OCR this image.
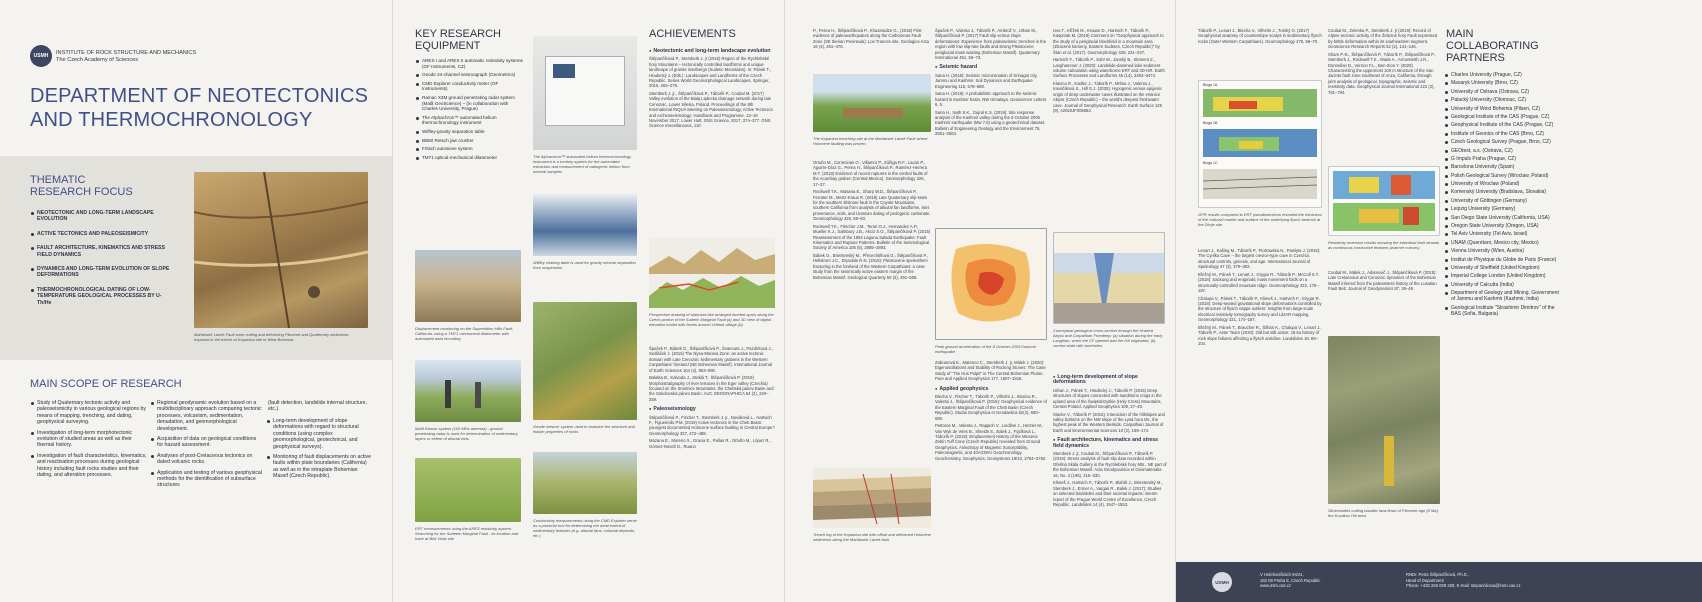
USMH INSTITUTE OF ROCK STRUCTURE AND MECHANICS
The Czech Academy of Sciences
DEPARTMENT OF NEOTECTONICS
AND THERMOCHRONOLOGY
THEMATIC
RESEARCH FOCUS
NEOTECTONIC AND LONG-TERM LANDSCAPE EVOLUTION
ACTIVE TECTONICS AND PALEOSEISMICITY
FAULT ARCHITECTURE, KINEMATICS AND STRESS FIELD DYNAMICS
DYNAMICS AND LONG-TERM EVOLUTION OF SLOPE DEFORMATIONS
THERMOCHRONOLOGICAL DATING OF LOW-TEMPERATURE GEOLOGICAL PROCESSES BY U-Th/He
Mariánské Lázně Fault zone cutting and deforming Pliocene and Quaternary sediments exposed in the trench at Kopanina site in West Bohemia
MAIN SCOPE OF RESEARCH
Study of Quaternary tectonic activity and paleoseismicity in various geological regions by means of mapping, trenching, and dating, geophysical surveying.
Investigation of long-term morphotectonic evolution of studied areas as well as their thermal history.
Investigation of fault characteristics, kinematics, and reactivation processes during geological history including fault rocks studies and their dating, and alteration processes.
Regional geodynamic evolution based on a multidisciplinary approach comparing tectonic processes, volcanism, sedimentation, denudation, and geomorphological development.
Acquisition of data on geological conditions for hazard assessment.
Analyses of post-Cretaceous tectonics on dated volcanic rocks.
Application and testing of various geophysical methods for the identification of subsurface structures
(fault detection, landslide internal structure, etc.).
Long-term development of slope deformations with regard to structural conditions (using complex geomorphological, geotechnical, and geophysical surveys).
Monitoring of fault displacements on active faults within plate boundaries (California) as well as in the intraplate Bohemian Massif (Czech Republic).
KEY RESEARCH
EQUIPMENT
ARES I and ARES II automatic resistivity systems (GF Instruments, CZ)
Geode 24-channel seismograph (Geometrics)
CMD Explorer conductivity meter (GF Instruments)
Ramac X3M ground penetrating radar system (Malå GeoScience) – (in collaboration with Charles University, Prague)
The Alphachron™ automated helium thermochronology instrument
Wilfley-gravity separation table
BB50 Retsch jaw crusher
Fritsch autosieve system
TM71 optical-mechanical dilatometer
Displacement monitoring on the Superstition Hills Fault, California, using a TM71 mechanical dilatometer with automated data recording
Malå Ramac system (100 MHz antenna) - ground penetrating radar is used for determination of sedimentary layers or extent of alluvial fans
ERT measurements using the ARES resistivity system. Searching for the Sudeten Marginal Fault - its location and trace at Bílá Voda site
The Alphachron™ automated helium thermochronology instrument is a turnkey system for the automated extraction and measurement of radiogenic helium from mineral samples
Wilfley shaking table is used for gravity mineral separation from suspension
Geode seismic system used to examine the structure and elastic properties of rocks
Conductivity measurements using the CMD Explorer serve as a powerful tool for determining the areal extent of sedimentary features (e.g. alluvial fans, colluvial deposits, etc.)
ACHIEVEMENTS
● Neotectonic and long-term landscape evolution

Štěpančíková P., Stemberk J. jr (2016) Region of the Rychlebské hory Mountains – tectonically controlled landforms and unique landscape of granite inselbergs (Sudetic Mountains). In: Pánek T., Hradecký J. (Eds.): Landscapes and Landforms of the Czech Republic. Series World Geomorphological Landscapes. Springer, 2016, 263–276.

Stemberk J. jr., Štěpančíková P., Táborík P., Coubal M. (2017) Valley evolution of the Białą Lądecka drainage network during late Cenozoic, Lower Silesia, Poland. Proceedings of the 8th International INQUA Meeting on Paleoseismology, Active Tectonics and Archeoseismology: Handbook and Programme. 13–16 November 2017. Lower Hutt: GNS Science, 2017, 374–377. GNS Science miscellaneous, 110.

Perspective drawing of staircase-like arranged faceted spurs along the Czech portion of the Sudetic Marginal Fault (a) and 3D view of digital elevation model with facets around Uhelná village (b)

Špaček P., Bábek O., Štěpančíková P., Švancara J., Pazdírková J., Sedláček J. (2015) The Nysa-Morava Zone: an active tectonic domain with Late Cenozoic sedimentary grabens in the Western Carpathians' foreland (NE Bohemian Massif). International Journal of Earth Sciences 104 (4), 963–990.

Balatka B., Kalvoda J., Steklá T., Štěpančíková P. (2019) Morphostratigraphy of river terraces in the Eger valley (Czechia) focused on the Smolnice Mountains, the Chebská pánev Basin and the Sokolovská pánev Basin. AUC GEOGRAPHICA 54 (2), 240–259.

● Paleoseismology

Štěpančíková P., Fischer T., Stemberk J. jr., Nováková L., Hartvich F., Figueiredo P.M. (2019) Active tectonics in the Cheb Basin: youngest documented Holocene surface faulting in Central Europe? Geomorphology 327, 472–488.

Mazana E., Moreno X., Gracia E., Pallas R., Ortuño M., López R., Gómez-Novell O., Ruano

P., Perea H., Štěpančíková P., Khazaradze G., (2018) First evidence of paleoearthquakes along the Carboneras Fault Zone (SE Iberian Peninsula): Los Trances site. Geologica Acta 16 (4), 461–476.

The Kopanina trenching site at the Mariánské Lázně Fault where Holocene faulting was proven.

Ortuño M., Corominas O., Villamor P., Zúñiga R.F., Lacan P., Aguirre-Díaz G., Perea H., Štěpančíková P., Ramírez-Herrera M.T. (2019) Evidence of recent ruptures in the central faults of the Acambay graben (Central Mexico). Geomorphology 326, 17–37.

Rockwell T.K., Masana E., Sharp W.D., Štěpančíková P., Ferrater M., Mertz-Kraus R. (2019) Late Quaternary slip-rates for the southern Elsinore fault in the Coyote Mountains, southern California from analysis of alluvial fan landforms, islet provenance, soils, and Uranium dating of pedogenic carbonate. Geomorphology 326, 68–93.

Rockwell T.K., Fletcher J.M., Teran O.J., Hernandez A.P., Mueller K.J., Salisbury J.B., Akciz S.O., Štěpančíková P. (2015) Reassessment of the 1892 Laguna Salada Earthquake: Fault Kinematics and Rupture Patterns. Bulletin of the Seismological Society of America 105 (6), 2885–2893.

Bábek O., Briestenský M., Přecechtělová G., Štěpančíková P., Hellstrom J.C., Drysdale R.N. (2015): Pleistocene speleothem fracturing in the foreland of the Western Carpathians: a case study from the seismically active eastern margin of the Bohemian Massif. Geological Quarterly 59 (3), 491–506.

Trench log of the Kopanina site with offset and deformed Holocene sediments along the Mariánské Lázně fault

Špaček P., Valenta J., Táborík P., Ambrož V., Urban M., Štěpančíková P. (2017) Fault slip versus slope deformations: Experience from paleoseismic trenches in the region with low slip-rate faults and strong Pleistocene periglacial mass wasting (Bohemian Massif). Quaternary International 451, 56–73.

● Seismic hazard

Sana H. (2018): Seismic microzonation of Srinagar city, Jammu and Kashmir. Soil Dynamics and Earthquake Engineering 115, 578–588.

Sana H. (2019): A probabilistic approach to the seismic hazard in Kashmir basin, NW Himalaya. Geoscience Letters 6, 5.

Sana H., Nath S.K., Gujral K.S. (2019): Site response analysis of the Kashmir valley during the 8 October 2005 Kashmir earthquake (Mw 7.6) using a geotechnical dataset. Bulletin of Engineering Geology and the Environment 78, 2551–2563.

Peak ground acceleration of the 8 October 2005 Kashmir earthquake

Zabranová E., Matenco C., Stemberk J. jr, Málek J. (2020): Eigenoscillations and Stability of Rocking Stones: The Case Study of "The Hus Pulpit" in The Central Bohemian Pluton. Pure and Applied Geophysics 177, 1907–1918.

● Applied geophysics

Blecha V., Fischer T., Táborík P., Vilhelm J., Klanica R., Valenta J., Štěpančíková P. (2018): Geophysical evidence of the Eastern Marginal Fault of the Cheb Basin (Czech Republic). Studia Geophysica et Geodaetica 62(4), 660–680.

Pettoros M., Valenta J., Rappich V., Lindline J., Hetzler M., Van Wyk de Vries B., Shields S., Balek J., Fojtíková L., Táborík P. (2019): Emplacement History of the Miocene Zebín Tuff Cone (Czech Republic) revealed from Ground Geophysics, Anisotropy of Magnetic Susceptibility, Paleomagnetic, and 40Ar/39Ar Geochronology. Geochemistry, Geophysics, Geosystems 19/10, 3764–3792.

Uva T., Křížek M., Krause D., Hartvich F., Táborík P., Kasprzak M. (2019) Comment on "Geophysical approach to the study of a periglacial blockfield in a mountain area (Ztracené kameny, Eastern Sudetes, Czech Republic)" by Štan et al. (2017). Geomorphology 328, 231–237.

Hartvich F., Táborík P., Sobr M., Janský B., Klement Z., Langhammer J. (2020): Landslide-dammed lake sediment volume calculation using waterborne ERT and 3D-IsR. Earth Surface Processes and Landforms 45 (14), 3463–3474.

Klanica R., Kadlec J., Táborík P., Mrlina J., Valenta J., Kováčiková S., Hill G.J. (2020): Hypogenic versus epigenic origin of deep underwater caves illustrated on the Hranice Abyss (Czech Republic) – the world's deepest freshwater cave. Journal of Geophysical Research: Earth Surface 125 (9), e2020JF005663.

Conceptual geological cross-section through the Hranice Abyss and Carpathian Foredeep: (a) situation during the early Langhian, when the CF opened and the HA originated, (b) current state with boreholes.
● Long-term development of slope deformations

Urban J., Pánek T., Hradecký J., Táborík P. (2015) Deep structures of slopes connected with sandstone crags in the upland area of the Šwiętokrzyskie (Holy Cross) Mountains, Central Poland. Applied Geophysics 109, 27–40.

Stacke V., Táborík P. (2015): Interaction of the hillslopes and valley bottoms on the NW slope of the Lysá hora Mt., the highest peak of the Western Beskids. Carpathian Journal of Earth and Environmental Sciences 10 (2), 159–174.

● Fault architecture, kinematics and stress field dynamics

Stemberk J. jr, Coubal M., Štěpančíková P., Táborík P. (2019): Stress analysis of fault slip data recorded within Ořešná Skála Gallery in the Rychlebské hory Mts., NE part of the Bohemian Massif. Acta Geodynamica et Geomaterialia 16, No. 3 (195), 315–330.

Klimeš J., Hartvich F., Táborík P., Blahůt J., Briestenský M., Stemberk J., Ermer A., Vargas R., Balek J. (2017): Studies on selected landslides and their societal impacts: interim report of the Prague World Centre of Excellence, Czech Republic. Landslides 14 (4), 1547–1553.

Táborík P., Lenart J., Blecha V., Vilhelm J., Turský O. (2017) Geophysical anatomy of counterslope scarps in sedimentary flysch rocks (Outer Western Carpathians). Geomorphology 276, 59–70.

Bizga 1A
Bizga 1B
Bizga 1C
GPR results compared to ERT pseudosections revealed the thickness of the colluvial mantle and surface of the underlying flysch bedrock at the Zňoje site.

Lenart J., Kašing M., Táborík P., Piotrowska N., Pawlyta J. (2018): The Cyrilka Cave – the largest crevice-type cave in Czechia: structural controls, genesis, and age. International Journal of Speleology 47 (3), 379–392.

Břežný M., Pánek T., Lenart J., Grygar R., Táborík P., McColl S.T. (2018): Sackung and enigmatic mass movement folds on a structurally-controlled mountain ridge. Geomorphology 322, 175–187.

Chalupa V., Pánek T., Táborík P., Klimeš J., Hartvich F., Grygar R. (2018): Deep-seated gravitational slope deformations controlled by the structure of flysch nappe outliers: Insights from large-scale electrical resistivity tomography survey and LiDAR mapping. Geomorphology 321, 174–187.

Břežný M., Pánek T., Braucher R., Šilhán K., Chalupa V., Lenart J., Táborík P., Aster Team (2020): Old but still active: 18 ka history of rock slope failures affecting a flysch anticline. Landslides 18, 89–104.

Coubal M., Zelenka P., Stemberk J. jr (2019): Record of Alpine tectonic activity of the Železné hory Fault expressed by brittle deformation within its southeastern segment. Geoscience Research Reports 52 (2), 141–146.

Share P.-E., Štěpančíková P., Táborík P., Štěpančíková P., Stemberk J., Rockwell T.K., Wade A., Arrowsmith J.R., Donnellan D., Vernon F.L., Ben-Zion Y. (2020) Characterizing the uppermost 100 m structure of the San Jacinto fault zone southeast of Anza, California, through joint analysis of geological, topographic, seismic and resistivity data. Geophysical Journal International 222 (2), 781–794.

Resistivity inversion results showing the individual fault strands as continuous conductive features (warmer colours)

Coubal M., Málek J., Adamovič J., Štěpančíková P. (2015): Late Cretaceous and Cenozoic dynamics of the Bohemian Massif inferred from the paleostress history of the Lusatian Fault Belt. Journal of Geodynamics 87, 26–49.

Slickensides cutting basaltic lava flows of Pliocene age (8 Ma), the Kozákov Hill area
MAIN
COLLABORATING
PARTNERS
Charles University (Prague, CZ)
Masaryk University (Brno, CZ)
University of Ostrava (Ostrava, CZ)
Palacký University (Olomouc, CZ)
University of West Bohemia (Pilsen, CZ)
Geological Institute of the CAS (Prague, CZ)
Geophysical Institute of the CAS (Prague, CZ)
Institute of Geonics of the CAS (Brno, CZ)
Czech Geological Survey (Prague, Brno, CZ)
GEOtest, a.s. (Ostrava, CZ)
G Impuls Praha (Prague, CZ)
Barcelona University (Spain)
Polish Geological Survey (Wroclaw, Poland)
University of Wroclaw (Poland)
Komenský University (Bratislava, Slovakia)
University of Göttingen (Germany)
Leipzig University (Germany)
San Diego State University (California, USA)
Oregon State University (Oregon, USA)
Tel Aviv University (Tel Aviv, Israel)
UNAM (Querétaro, Mexico city, Mexico)
Vienna University (Wien, Austria)
Institut de Physique du Globe de Paris (France)
University of Sheffield (United Kingdom)
Imperial College London (United Kingdom)
University of Calcutta (India)
Department of Geology and Mining, Government of Jammu and Kashmir (Kashmir, India)
Geological Institute "Strashimir Dimitrov" of the BAS (Sofia, Bulgaria)
USMH
V Holešovičkách 94/41,
182 09 Praha 8, Czech Republic
www.irsm.cas.cz
RNDr. Petra Štěpančíková, Ph.D.,
Head of Department
Phone: +420 266 009 328, E-mail: stepancikova@irsm.cas.cz
